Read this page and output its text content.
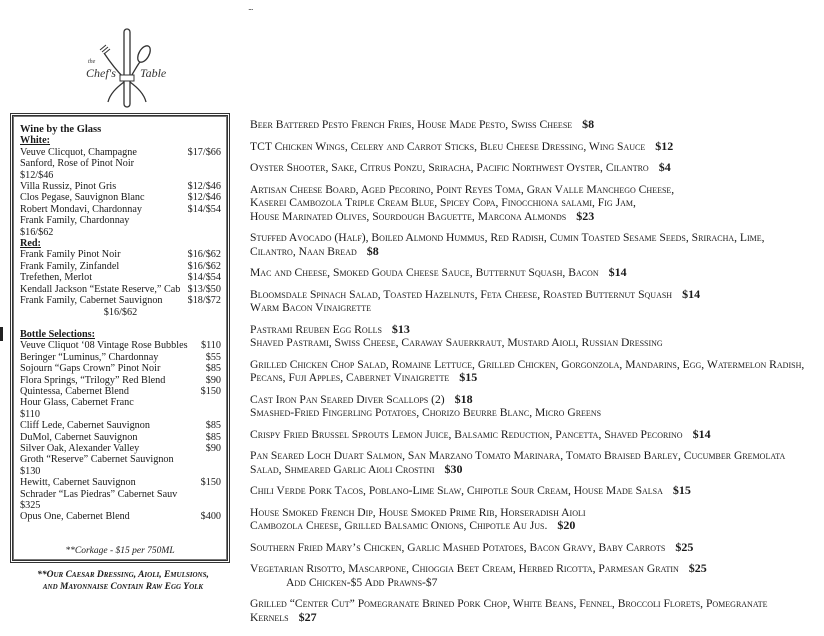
...
the
Chef's Table
Wine by the Glass
White:
Veuve Clicquot, Champagne	$17/$66
Sanford, Rose of Pinot Noir
$12/$46
Villa Russiz, Pinot Gris	$12/$46
Clos Pegase, Sauvignon Blanc	$12/$46
Robert Mondavi, Chardonnay	$14/$54
Frank Family, Chardonnay
$16/$62
Red:
Frank Family Pinot Noir	$16/$62
Frank Family, Zinfandel	$16/$62
Trefethen, Merlot	$14/$54
Kendall Jackson “Estate Reserve,” Cab $13/$50
Frank Family, Cabernet Sauvignon $18/$72
$16/$62
Bottle Selections:
Veuve Cliquot ‘08 Vintage Rose Bubbles $110
Beringer “Luminus,” Chardonnay	$55
Sojourn “Gaps Crown” Pinot Noir	$85
Flora Springs, “Trilogy” Red Blend	$90
Quintessa, Cabernet Blend	$150
Hour Glass, Cabernet Franc
$110
Cliff Lede, Cabernet Sauvignon	$85
DuMol, Cabernet Sauvignon	$85
Silver Oak, Alexander Valley	$90
Groth “Reserve” Cabernet Sauvignon
$130
Hewitt, Cabernet Sauvignon	$150
Schrader “Las Piedras” Cabernet Sauv
$325
Opus One, Cabernet Blend	$400
**Corkage - $15 per 750ML
**Our Caesar Dressing, Aioli, Emulsions,
and Mayonnaise Contain Raw Egg Yolk
Beer Battered Pesto French Fries, House Made Pesto, Swiss Cheese $8
TCT Chicken Wings, Celery and Carrot Sticks, Bleu Cheese Dressing, Wing Sauce $12
Oyster Shooter, Sake, Citrus Ponzu, Sriracha, Pacific Northwest Oyster, Cilantro $4
Artisan Cheese Board, Aged Pecorino, Point Reyes Toma, Gran Valle Manchego Cheese,
Kaserei Cambozola Triple Cream Blue, Spicey Copa, Finocchiona salami, Fig Jam,
House Marinated Olives, Sourdough Baguette, Marcona Almonds $23
Stuffed Avocado (Half), Boiled Almond Hummus, Red Radish, Cumin Toasted Sesame Seeds, Sriracha, Lime,
Cilantro, Naan Bread $8
Mac and Cheese, Smoked Gouda Cheese Sauce, Butternut Squash, Bacon $14
Bloomsdale Spinach Salad, Toasted Hazelnuts, Feta Cheese, Roasted Butternut Squash $14
Warm Bacon Vinaigrette
Pastrami Reuben Egg Rolls $13
Shaved Pastrami, Swiss Cheese, Caraway Sauerkraut, Mustard Aioli, Russian Dressing
Grilled Chicken Chop Salad, Romaine Lettuce, Grilled Chicken, Gorgonzola, Mandarins, Egg, Watermelon Radish,
Pecans, Fuji Apples, Cabernet Vinaigrette $15
Cast Iron Pan Seared Diver Scallops (2) $18
Smashed-Fried Fingerling Potatoes, Chorizo Beurre Blanc, Micro Greens
Crispy Fried Brussel Sprouts Lemon Juice, Balsamic Reduction, Pancetta, Shaved Pecorino $14
Pan Seared Loch Duart Salmon, San Marzano Tomato Marinara, Tomato Braised Barley, Cucumber Gremolata
Salad, Shmeared Garlic Aioli Crostini $30
Chili Verde Pork Tacos, Poblano-Lime Slaw, Chipotle Sour Cream, House Made Salsa $15
House Smoked French Dip, House Smoked Prime Rib, Horseradish Aioli
Cambozola Cheese, Grilled Balsamic Onions, Chipotle Au Jus. $20
Southern Fried Mary’s Chicken, Garlic Mashed Potatoes, Bacon Gravy, Baby Carrots $25
Vegetarian Risotto, Mascarpone, Chioggia Beet Cream, Herbed Ricotta, Parmesan Gratin $25
Add Chicken-$5 Add Prawns-$7
Grilled “Center Cut” Pomegranate Brined Pork Chop, White Beans, Fennel, Broccoli Florets, Pomegranate
Kernels $27
